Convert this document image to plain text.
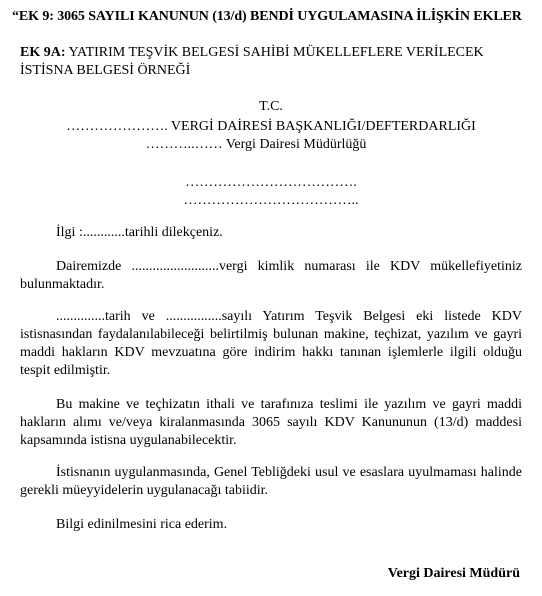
“EK 9: 3065 SAYILI KANUNUN (13/d) BENDİ UYGULAMASINA İLİŞKİN EKLER
EK 9A: YATIRIM TEŞVİK BELGESİ SAHİBİ MÜKELLEFLERE VERİLECEK İSTİSNA BELGESİ ÖRNEĞİ
T.C.
…………………. VERGİ DAİRESİ BAŞKANLIĞI/DEFTERDARLIĞI
………..…… Vergi Dairesi Müdürlüğü
……………………………….
………………………………..
İlgi :............tarihli dilekçeniz.
Dairemizde .........................vergi kimlik numarası ile KDV mükellefiyetiniz bulunmaktadır.
..............tarih ve ................sayılı Yatırım Teşvik Belgesi eki listede KDV istisnasından faydalanılabileceği belirtilmiş bulunan makine, teçhizat, yazılım ve gayri maddi hakların KDV mevzuatına göre indirim hakkı tanınan işlemlerle ilgili olduğu tespit edilmiştir.
Bu makine ve teçhizatın ithali ve tarafınıza teslimi ile yazılım ve gayri maddi hakların alımı ve/veya kiralanmasında 3065 sayılı KDV Kanununun (13/d) maddesi kapsamında istisna uygulanabilecektir.
İstisnanın uygulanmasında, Genel Tebliğdeki usul ve esaslara uyulmaması halinde gerekli müeyyidelerin uygulanacağı tabiidir.
Bilgi edinilmesini rica ederim.
Vergi Dairesi Müdürü
